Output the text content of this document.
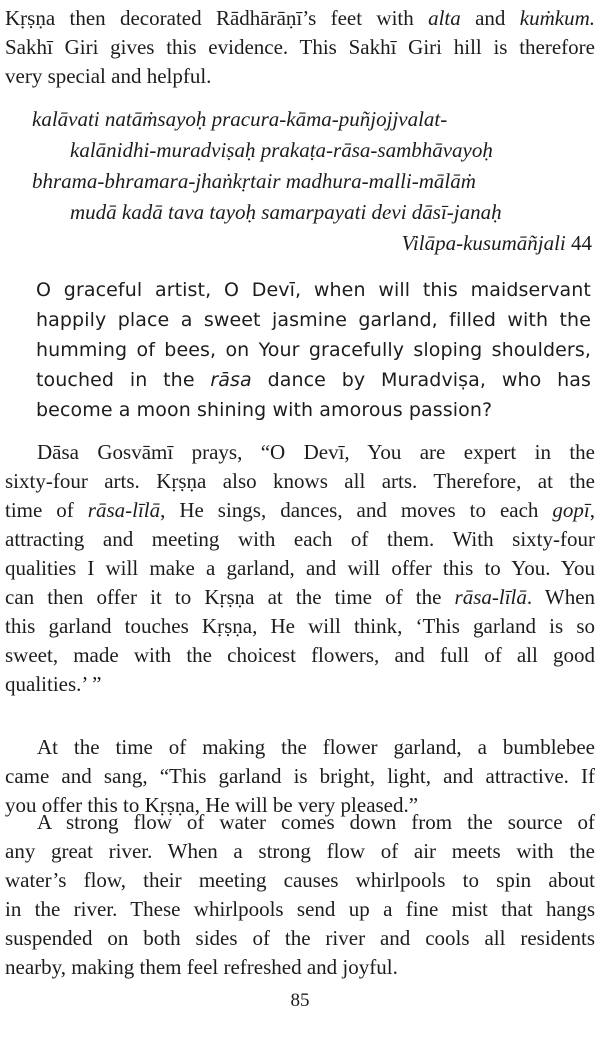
Kṛṣṇa then decorated Rādhārāṇī’s feet with alta and kuṁkum.
Sakhī Giri gives this evidence. This Sakhī Giri hill is therefore
very special and helpful.
kalāvati natāṁsayoḥ pracura-kāma-puñjojjvalat-
kalānidhi-muradviṣaḥ prakaṭa-rāsa-sambhāvayoḥ
bhrama-bhramara-jhaṅkṛtair madhura-malli-mālāṁ
mudā kadā tava tayoḥ samarpayati devi dāsī-janaḥ
Vilāpa-kusumāñjali 44
O graceful artist, O Devī, when will this maidservant
happily place a sweet jasmine garland, filled with the
humming of bees, on Your gracefully sloping shoulders,
touched in the rāsa dance by Muradviṣa, who has
become a moon shining with amorous passion?
Dāsa Gosvāmī prays, “O Devī, You are expert in the
sixty-four arts. Kṛṣṇa also knows all arts. Therefore, at the
time of rāsa-līlā, He sings, dances, and moves to each gopī,
attracting and meeting with each of them. With sixty-four
qualities I will make a garland, and will offer this to You. You
can then offer it to Kṛṣṇa at the time of the rāsa-līlā. When
this garland touches Kṛṣṇa, He will think, ‘This garland is so
sweet, made with the choicest flowers, and full of all good
qualities.’ ”
At the time of making the flower garland, a bumblebee
came and sang, “This garland is bright, light, and attractive. If
you offer this to Kṛṣṇa, He will be very pleased.”
A strong flow of water comes down from the source of
any great river. When a strong flow of air meets with the
water’s flow, their meeting causes whirlpools to spin about
in the river. These whirlpools send up a fine mist that hangs
suspended on both sides of the river and cools all residents
nearby, making them feel refreshed and joyful.
85
